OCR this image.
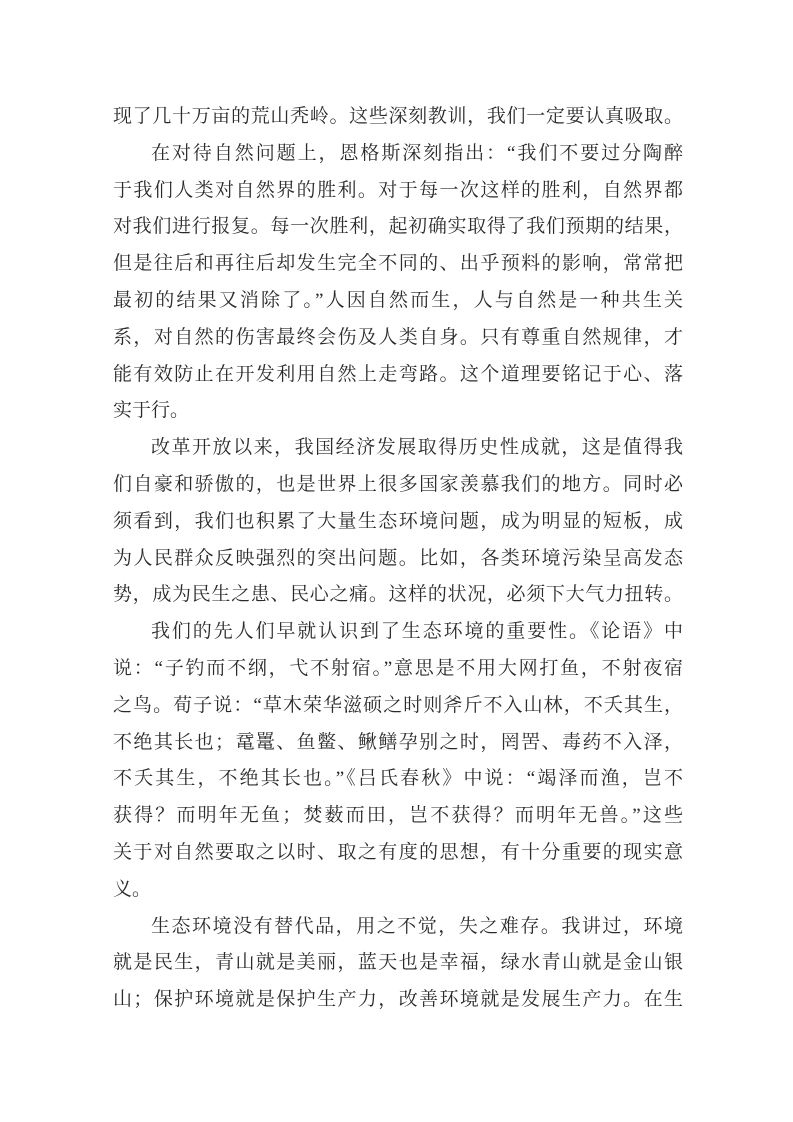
现了几十万亩的荒山秃岭。这些深刻教训，我们一定要认真吸取。
在对待自然问题上，恩格斯深刻指出：“我们不要过分陶醉
于我们人类对自然界的胜利。对于每一次这样的胜利，自然界都
对我们进行报复。每一次胜利，起初确实取得了我们预期的结果，
但是往后和再往后却发生完全不同的、出乎预料的影响，常常把
最初的结果又消除了。”人因自然而生，人与自然是一种共生关
系，对自然的伤害最终会伤及人类自身。只有尊重自然规律，才
能有效防止在开发利用自然上走弯路。这个道理要铭记于心、落
实于行。
改革开放以来，我国经济发展取得历史性成就，这是值得我
们自豪和骄傲的，也是世界上很多国家羡慕我们的地方。同时必
须看到，我们也积累了大量生态环境问题，成为明显的短板，成
为人民群众反映强烈的突出问题。比如，各类环境污染呈高发态
势，成为民生之患、民心之痛。这样的状况，必须下大气力扭转。
我们的先人们早就认识到了生态环境的重要性。《论语》中
说：“子钓而不纲，弋不射宿。”意思是不用大网打鱼，不射夜宿
之鸟。荀子说：“草木荣华滋硕之时则斧斤不入山林，不夭其生，
不绝其长也；鼋鼍、鱼鳖、鳅鳝孕别之时，罔罟、毒药不入泽，
不夭其生，不绝其长也。”《吕氏春秋》中说：“竭泽而渔，岂不
获得？而明年无鱼；焚薮而田，岂不获得？而明年无兽。”这些
关于对自然要取之以时、取之有度的思想，有十分重要的现实意
义。
生态环境没有替代品，用之不觉，失之难存。我讲过，环境
就是民生，青山就是美丽，蓝天也是幸福，绿水青山就是金山银
山；保护环境就是保护生产力，改善环境就是发展生产力。在生
